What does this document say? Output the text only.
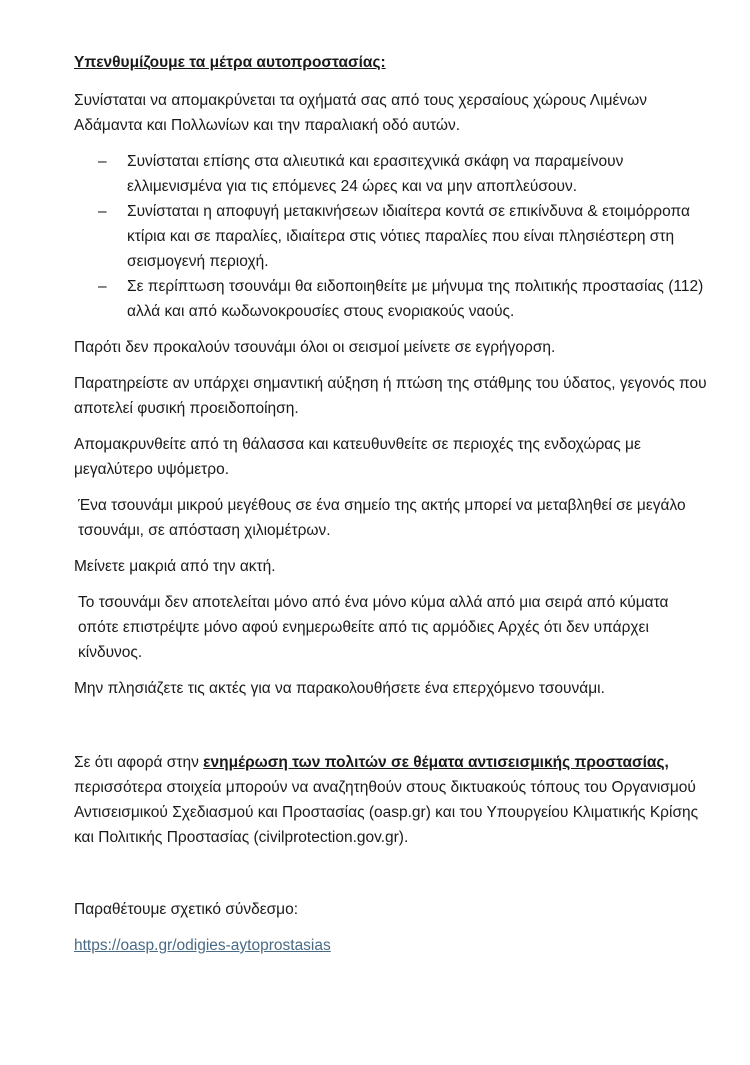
Υπενθυμίζουμε τα μέτρα αυτοπροστασίας:

Συνίσταται να απομακρύνεται τα οχήματά σας από τους χερσαίους χώρους Λιμένων Αδάμαντα και Πολλωνίων και την παραλιακή οδό αυτών.

– Συνίσταται επίσης στα αλιευτικά και ερασιτεχνικά σκάφη να παραμείνουν ελλιμενισμένα για τις επόμενες 24 ώρες και να μην αποπλεύσουν.
– Συνίσταται η αποφυγή μετακινήσεων ιδιαίτερα κοντά σε επικίνδυνα & ετοιμόρροπα κτίρια και σε παραλίες, ιδιαίτερα στις νότιες παραλίες που είναι πλησιέστερη στη σεισμογενή περιοχή.
– Σε περίπτωση τσουνάμι θα ειδοποιηθείτε με μήνυμα της πολιτικής προστασίας (112) αλλά και από κωδωνοκρουσίες στους ενοριακούς ναούς.

Παρότι δεν προκαλούν τσουνάμι όλοι οι σεισμοί μείνετε σε εγρήγορση.

Παρατηρείστε αν υπάρχει σημαντική αύξηση ή πτώση της στάθμης του ύδατος, γεγονός που αποτελεί φυσική προειδοποίηση.

Απομακρυνθείτε από τη θάλασσα και κατευθυνθείτε σε περιοχές της ενδοχώρας με μεγαλύτερο υψόμετρο.

Ένα τσουνάμι μικρού μεγέθους σε ένα σημείο της ακτής μπορεί να μεταβληθεί σε μεγάλο τσουνάμι, σε απόσταση χιλιομέτρων.

Μείνετε μακριά από την ακτή.

Το τσουνάμι δεν αποτελείται μόνο από ένα μόνο κύμα αλλά από μια σειρά από κύματα οπότε επιστρέψτε μόνο αφού ενημερωθείτε από τις αρμόδιες Αρχές ότι δεν υπάρχει κίνδυνος.

Μην πλησιάζετε τις ακτές για να παρακολουθήσετε ένα επερχόμενο τσουνάμι.

Σε ότι αφορά στην ενημέρωση των πολιτών σε θέματα αντισεισμικής προστασίας, περισσότερα στοιχεία μπορούν να αναζητηθούν στους δικτυακούς τόπους του Οργανισμού Αντισεισμικού Σχεδιασμού και Προστασίας (oasp.gr) και του Υπουργείου Κλιματικής Κρίσης και Πολιτικής Προστασίας (civilprotection.gov.gr).

Παραθέτουμε σχετικό σύνδεσμο:

https://oasp.gr/odigies-aytoprostasias
